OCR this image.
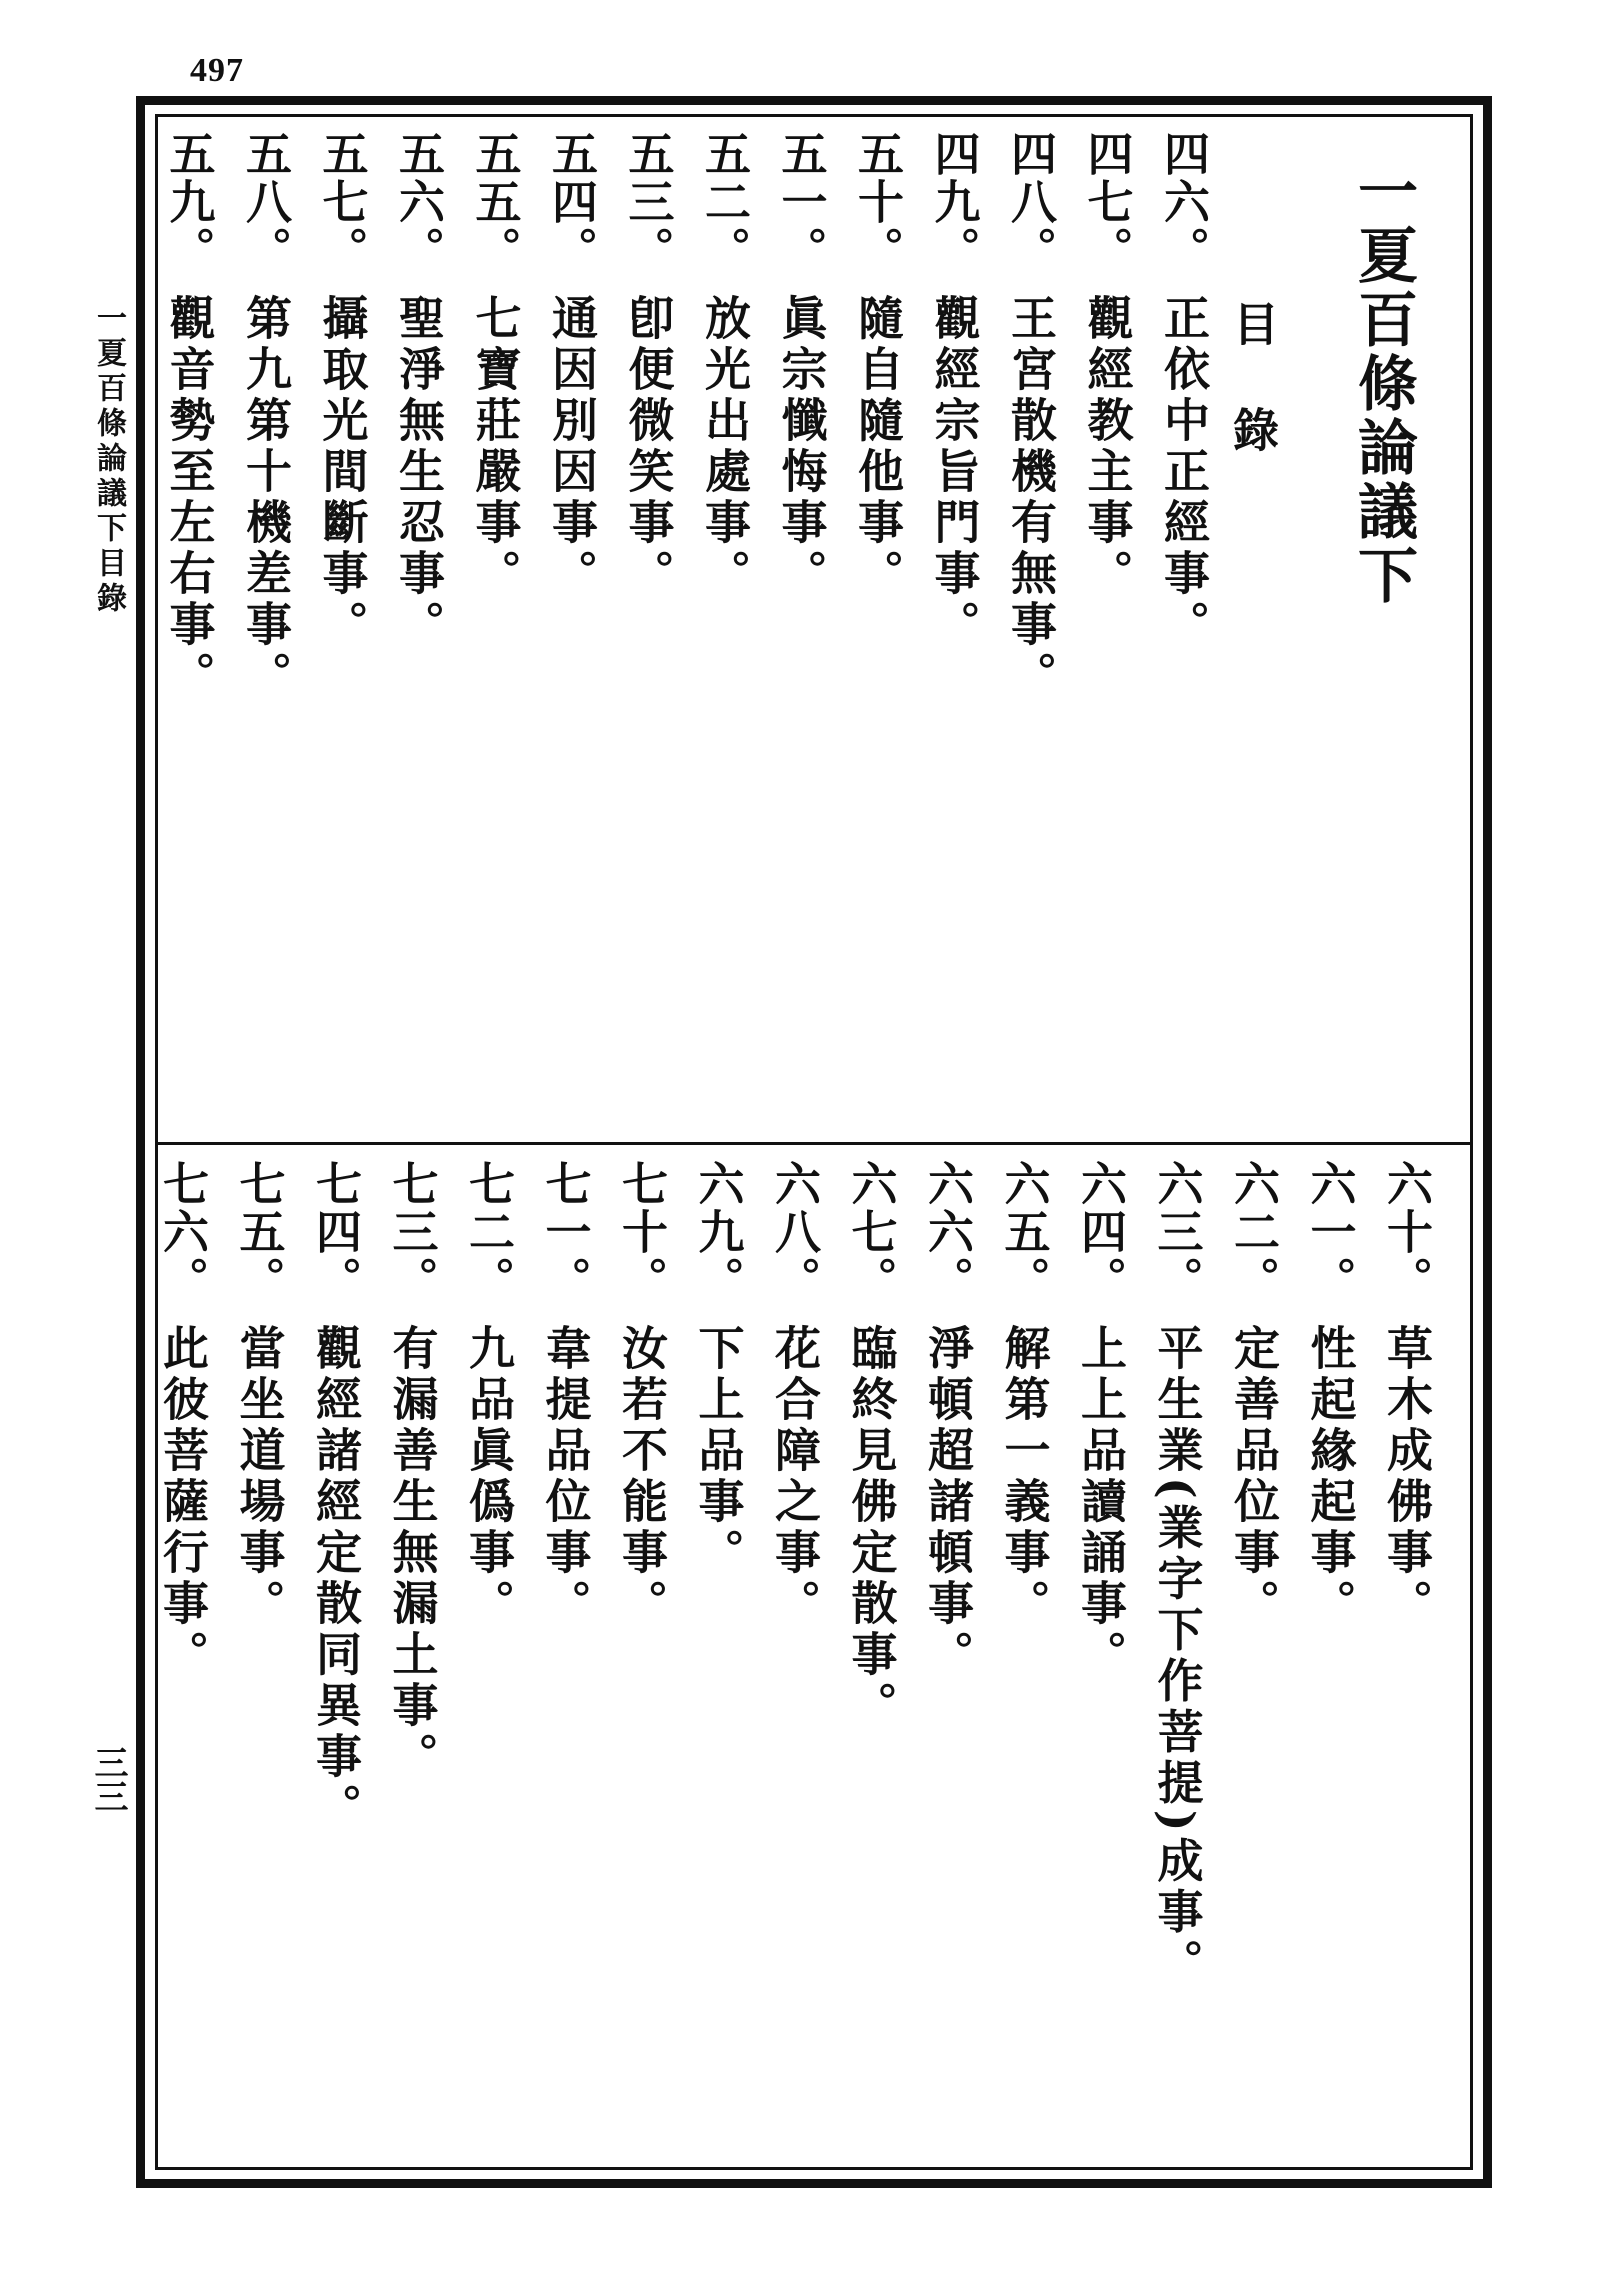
497
一夏百條論議下目錄
三三
一夏百條論議下
目錄
四六。正依中正經事。
四七。觀經教主事。
四八。王宮散機有無事。
四九。觀經宗旨門事。
五十。隨自隨他事。
五一。眞宗懺悔事。
五二。放光出處事。
五三。卽便微笑事。
五四。通因別因事。
五五。七寶莊嚴事。
五六。聖淨無生忍事。
五七。攝取光間斷事。
五八。第九第十機差事。
五九。觀音勢至左右事。
六十。草木成佛事。
六一。性起緣起事。
六二。定善品位事。
六三。平生業(業字下作菩提)成事。
六四。上上品讀誦事。
六五。解第一義事。
六六。淨頓超諸頓事。
六七。臨終見佛定散事。
六八。花合障之事。
六九。下上品事。
七十。汝若不能事。
七一。韋提品位事。
七二。九品眞僞事。
七三。有漏善生無漏土事。
七四。觀經諸經定散同異事。
七五。當坐道場事。
七六。此彼菩薩行事。
